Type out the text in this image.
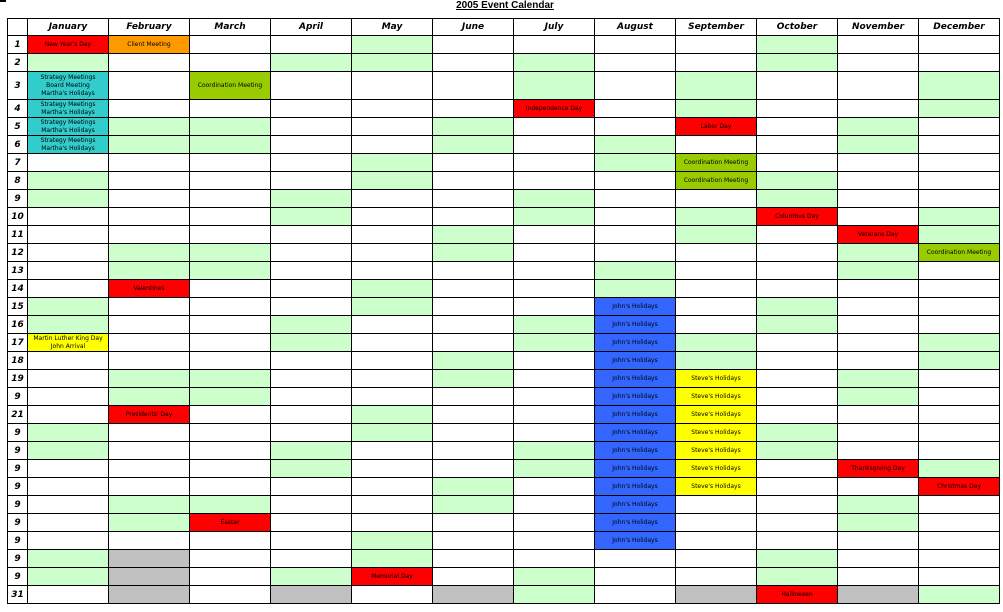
2005 Event Calendar
	January	February	March	April	May	June	July	August	September	October	November	December
1	New Year's Day	Client Meeting										

2												
3	Strategy Meetings
Board Meeting
Martha's Holidays		Coordination Meeting									

4	Strategy Meetings
Martha's Holidays						Independence Day					

5	Strategy Meetings
Martha's Holidays								Labor Day			

6	Strategy Meetings
Martha's Holidays											

7									Coordination Meeting			

8									Coordination Meeting			

9												
10										Columbus Day		

11											Veterans Day	

12												Coordination Meeting

13												
14		Valentines										

15								John's Holidays				

16								John's Holidays				

17	Martin Luther King Day
John Arrival							John's Holidays				

18								John's Holidays				

19								John's Holidays	Steve's Holidays			

9								John's Holidays	Steve's Holidays			

21		Presidents' Day						John's Holidays	Steve's Holidays			

9								John's Holidays	Steve's Holidays			

9								John's Holidays	Steve's Holidays			

9								John's Holidays	Steve's Holidays		Thanksgiving Day	

9								John's Holidays	Steve's Holidays			Christmas Day

9								John's Holidays				

9			Easter					John's Holidays				

9								John's Holidays				

9												
9					Memorial Day							

31										Halloween		
